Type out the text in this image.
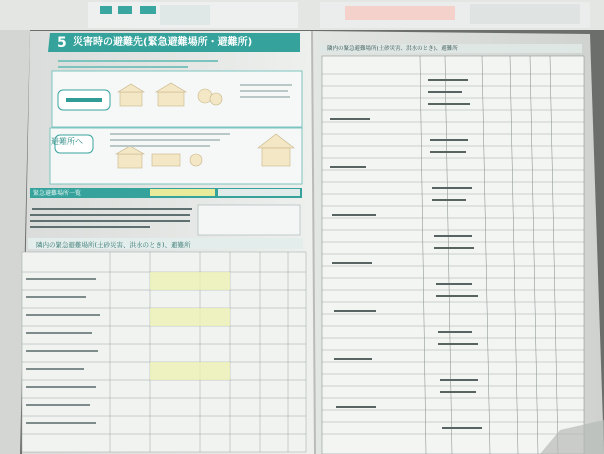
5 災害時の避難先(緊急避難場所・避難所)
避難所へ
緊急避難場所一覧
隣内の緊急避難場所(土砂災害、洪水のとき)、避難所
隣内の緊急避難場所(土砂災害、洪水のとき)、避難所
